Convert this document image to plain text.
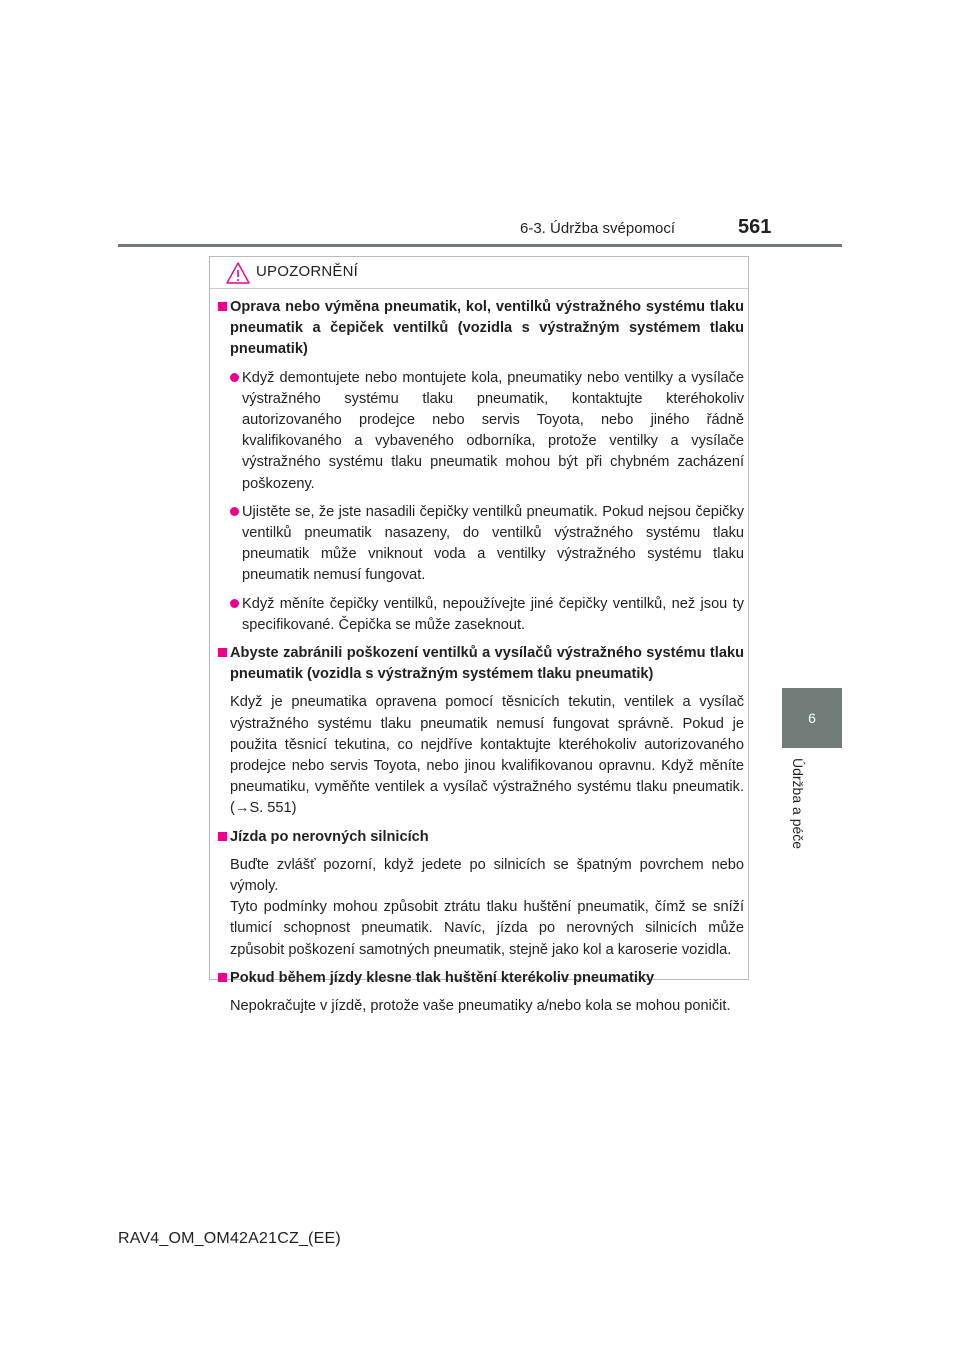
6-3. Údržba svépomocí	561
6
Údržba a péče
UPOZORNĚNÍ
Oprava nebo výměna pneumatik, kol, ventilků výstražného systému tlaku pneumatik a čepiček ventilků (vozidla s výstražným systémem tlaku pneumatik)
Když demontujete nebo montujete kola, pneumatiky nebo ventilky a vysílače výstražného systému tlaku pneumatik, kontaktujte kteréhokoliv autorizovaného prodejce nebo servis Toyota, nebo jiného řádně kvalifikovaného a vybaveného odborníka, protože ventilky a vysílače výstražného systému tlaku pneumatik mohou být při chybném zacházení poškozeny.
Ujistěte se, že jste nasadili čepičky ventilků pneumatik. Pokud nejsou čepičky ventilků pneumatik nasazeny, do ventilků výstražného systému tlaku pneumatik může vniknout voda a ventilky výstražného systému tlaku pneumatik nemusí fungovat.
Když měníte čepičky ventilků, nepoužívejte jiné čepičky ventilků, než jsou ty specifikované. Čepička se může zaseknout.
Abyste zabránili poškození ventilků a vysílačů výstražného systému tlaku pneumatik (vozidla s výstražným systémem tlaku pneumatik)
Když je pneumatika opravena pomocí těsnicích tekutin, ventilek a vysílač výstražného systému tlaku pneumatik nemusí fungovat správně. Pokud je použita těsnicí tekutina, co nejdříve kontaktujte kteréhokoliv autorizovaného prodejce nebo servis Toyota, nebo jinou kvalifikovanou opravnu. Když měníte pneumatiku, vyměňte ventilek a vysílač výstražného systému tlaku pneumatik. (→S. 551)
Jízda po nerovných silnicích
Buďte zvlášť pozorní, když jedete po silnicích se špatným povrchem nebo výmoly.
Tyto podmínky mohou způsobit ztrátu tlaku huštění pneumatik, čímž se sníží tlumicí schopnost pneumatik. Navíc, jízda po nerovných silnicích může způsobit poškození samotných pneumatik, stejně jako kol a karoserie vozidla.
Pokud během jízdy klesne tlak huštění kterékoliv pneumatiky
Nepokračujte v jízdě, protože vaše pneumatiky a/nebo kola se mohou poničit.
RAV4_OM_OM42A21CZ_(EE)
